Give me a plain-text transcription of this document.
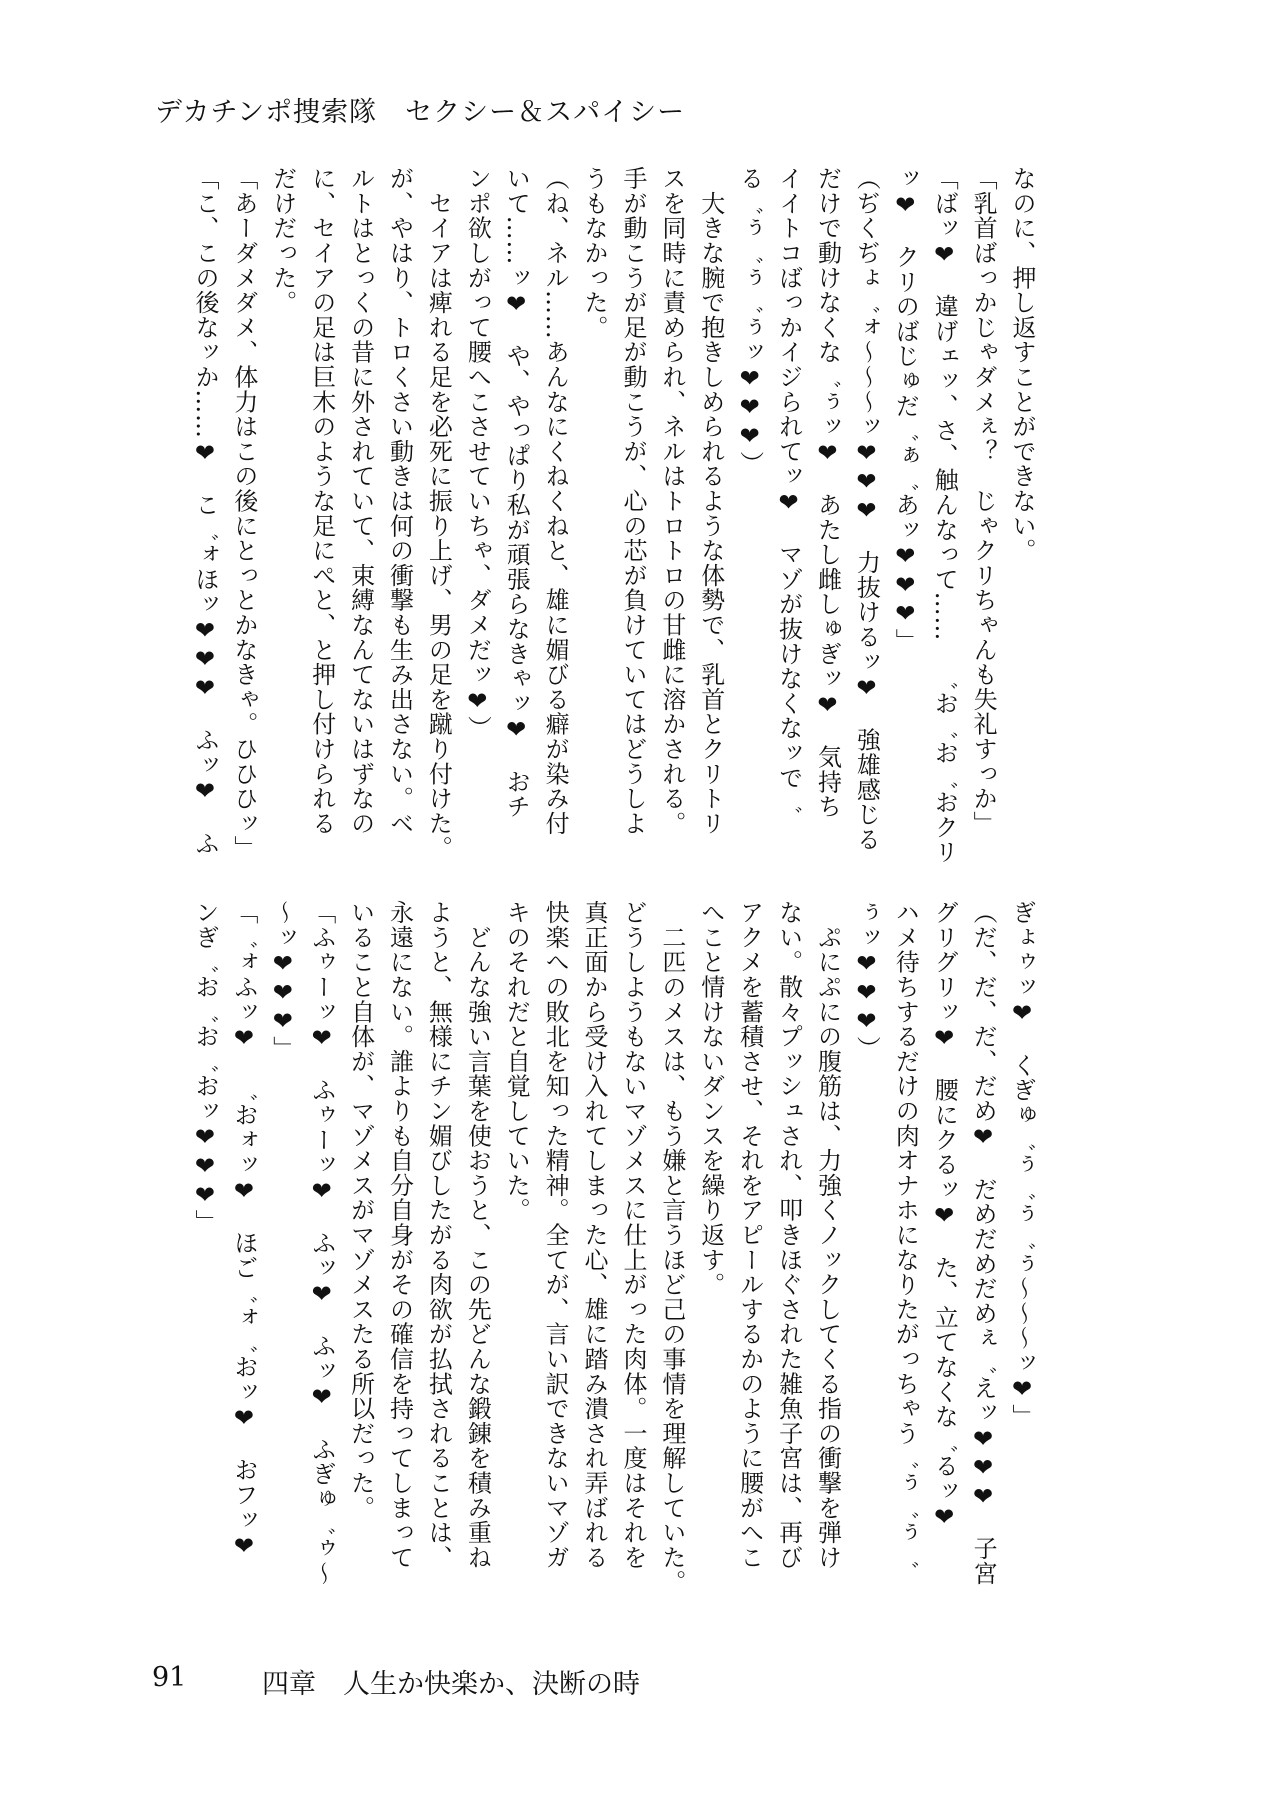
デカチンポ捜索隊　セクシー＆スパイシー
なのに、押し返すことができない。
「乳首ばっかじゃダメぇ？　じゃクリちゃんも失礼すっか」
「ばッ❤　違げェッ、さ、触んなって……　゛お゛お゛おクリ
ッ❤　クリのばじゅだ゛ぁ゛あッ❤❤❤」
（ぢくぢょ゛ォ〜〜〜ッ❤❤❤　力抜けるッ❤　強雄感じる
だけで動けなくな゛ぅッ❤　あたし雌しゅぎッ❤　気持ち
イイトコばっかイジられてッ❤　マゾが抜けなくなッで゛
る゛ぅ゛ぅ゛ぅッ❤❤❤）
　大きな腕で抱きしめられるような体勢で、乳首とクリトリ
スを同時に責められ、ネルはトロトロの甘雌に溶かされる。
手が動こうが足が動こうが、心の芯が負けていてはどうしよ
うもなかった。
（ね、ネル……あんなにくねくねと、雄に媚びる癖が染み付
いて……ッ❤　や、やっぱり私が頑張らなきゃッ❤　おチ
ンポ欲しがって腰へこさせていちゃ、ダメだッ❤）
　セイアは痺れる足を必死に振り上げ、男の足を蹴り付けた。
が、やはり、トロくさい動きは何の衝撃も生み出さない。ベ
ルトはとっくの昔に外されていて、束縛なんてないはずなの
に、セイアの足は巨木のような足にぺと、と押し付けられる
だけだった。
「あーダメダメ、体力はこの後にとっとかなきゃ。ひひひッ」
「こ、この後なッか……❤　こ゛ォほッ❤❤❤　ふッ❤　ふ
ぎょゥッ❤　くぎゅ゛ぅ゛ぅ゛ぅ〜〜〜ッ❤」
（だ、だ、だ、だめ❤　だめだめだめぇ゛えッ❤❤❤　子宮
グリグリッ❤　腰にクるッ❤　た、立てなくな゛るッ❤
ハメ待ちするだけの肉オナホになりたがっちゃう゛ぅ゛ぅ゛
ぅッ❤❤❤）
　ぷにぷにの腹筋は、力強くノックしてくる指の衝撃を弾け
ない。散々プッシュされ、叩きほぐされた雑魚子宮は、再び
アクメを蓄積させ、それをアピールするかのように腰がへこ
へこと情けないダンスを繰り返す。
　二匹のメスは、もう嫌と言うほど己の事情を理解していた。
どうしようもないマゾメスに仕上がった肉体。一度はそれを
真正面から受け入れてしまった心、雄に踏み潰され弄ばれる
快楽への敗北を知った精神。全てが、言い訳できないマゾガ
キのそれだと自覚していた。
　どんな強い言葉を使おうと、この先どんな鍛錬を積み重ね
ようと、無様にチン媚びしたがる肉欲が払拭されることは、
永遠にない。誰よりも自分自身がその確信を持ってしまって
いること自体が、マゾメスがマゾメスたる所以だった。
「ふゥーッ❤　ふゥーッ❤　ふッ❤　ふッ❤　ふぎゅ゛ゥ〜
〜ッ❤❤❤」
「゛ォふッ❤　゛おォッ❤　ほご゛ォ゛おッ❤　おフッ❤
ンぎ゛お゛お゛おッ❤❤❤」
91	四章　人生か快楽か、決断の時
